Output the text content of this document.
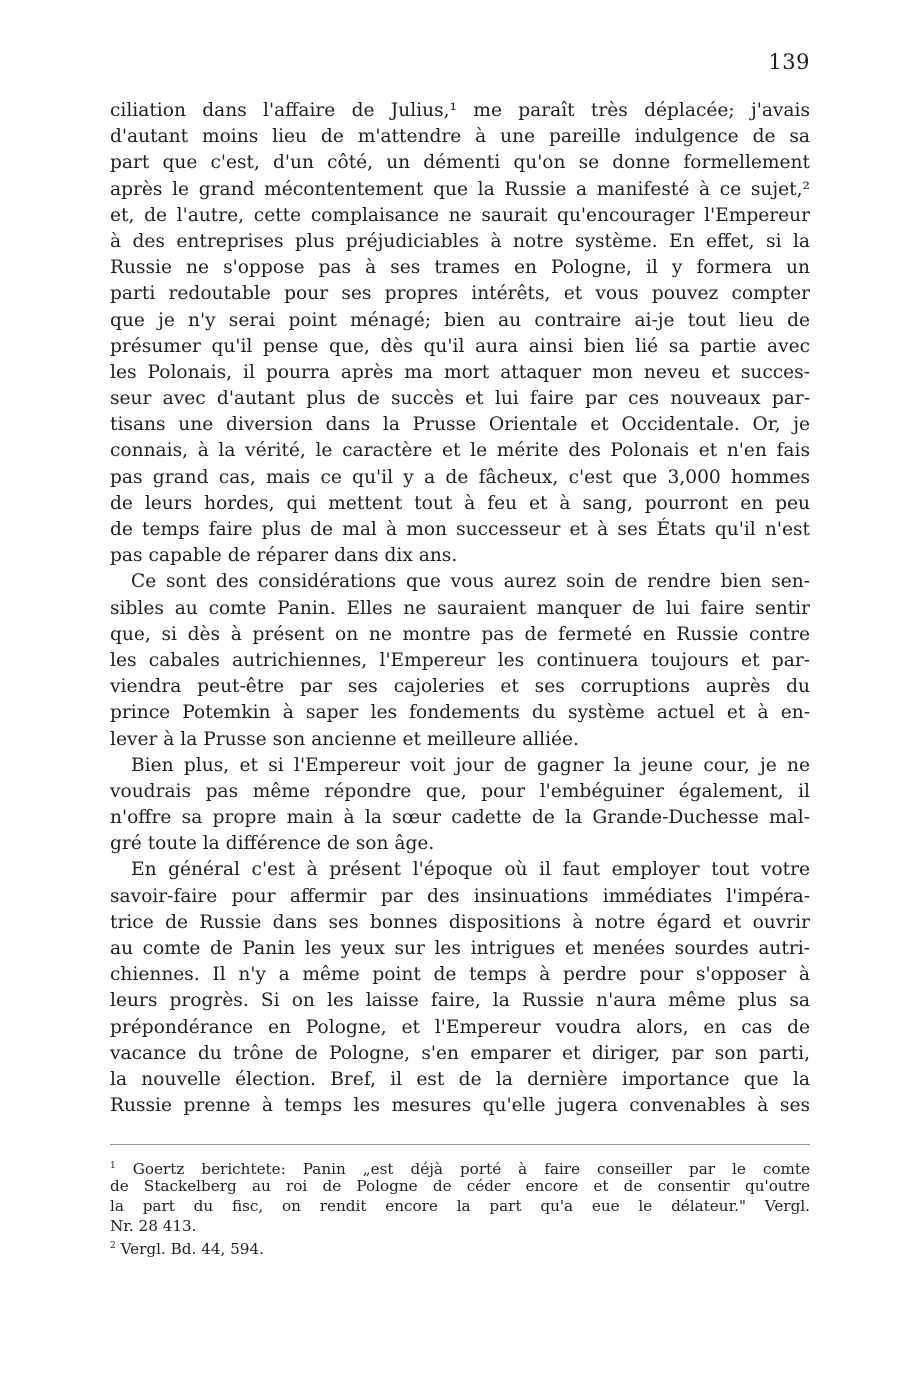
139
ciliation dans l'affaire de Julius,¹ me paraît très déplacée; j'avais
d'autant moins lieu de m'attendre à une pareille indulgence de sa
part que c'est, d'un côté, un démenti qu'on se donne formellement
après le grand mécontentement que la Russie a manifesté à ce sujet,²
et, de l'autre, cette complaisance ne saurait qu'encourager l'Empereur
à des entreprises plus préjudiciables à notre système. En effet, si la
Russie ne s'oppose pas à ses trames en Pologne, il y formera un
parti redoutable pour ses propres intérêts, et vous pouvez compter
que je n'y serai point ménagé; bien au contraire ai-je tout lieu de
présumer qu'il pense que, dès qu'il aura ainsi bien lié sa partie avec
les Polonais, il pourra après ma mort attaquer mon neveu et succes-
seur avec d'autant plus de succès et lui faire par ces nouveaux par-
tisans une diversion dans la Prusse Orientale et Occidentale. Or, je
connais, à la vérité, le caractère et le mérite des Polonais et n'en fais
pas grand cas, mais ce qu'il y a de fâcheux, c'est que 3,000 hommes
de leurs hordes, qui mettent tout à feu et à sang, pourront en peu
de temps faire plus de mal à mon successeur et à ses États qu'il n'est
pas capable de réparer dans dix ans.
Ce sont des considérations que vous aurez soin de rendre bien sen-
sibles au comte Panin. Elles ne sauraient manquer de lui faire sentir
que, si dès à présent on ne montre pas de fermeté en Russie contre
les cabales autrichiennes, l'Empereur les continuera toujours et par-
viendra peut-être par ses cajoleries et ses corruptions auprès du
prince Potemkin à saper les fondements du système actuel et à en-
lever à la Prusse son ancienne et meilleure alliée.
Bien plus, et si l'Empereur voit jour de gagner la jeune cour, je ne
voudrais pas même répondre que, pour l'embéguiner également, il
n'offre sa propre main à la sœur cadette de la Grande-Duchesse mal-
gré toute la différence de son âge.
En général c'est à présent l'époque où il faut employer tout votre
savoir-faire pour affermir par des insinuations immédiates l'impéra-
trice de Russie dans ses bonnes dispositions à notre égard et ouvrir
au comte de Panin les yeux sur les intrigues et menées sourdes autri-
chiennes. Il n'y a même point de temps à perdre pour s'opposer à
leurs progrès. Si on les laisse faire, la Russie n'aura même plus sa
prépondérance en Pologne, et l'Empereur voudra alors, en cas de
vacance du trône de Pologne, s'en emparer et diriger, par son parti,
la nouvelle élection. Bref, il est de la dernière importance que la
Russie prenne à temps les mesures qu'elle jugera convenables à ses
$^1$ Goertz berichtete: Panin „est déjà porté à faire conseiller par le comte
de Stackelberg au roi de Pologne de céder encore et de consentir qu'outre
la part du fisc, on rendit encore la part qu'a eue le délateur." Vergl.
Nr. 28 413.
$^2$ Vergl. Bd. 44, 594.
